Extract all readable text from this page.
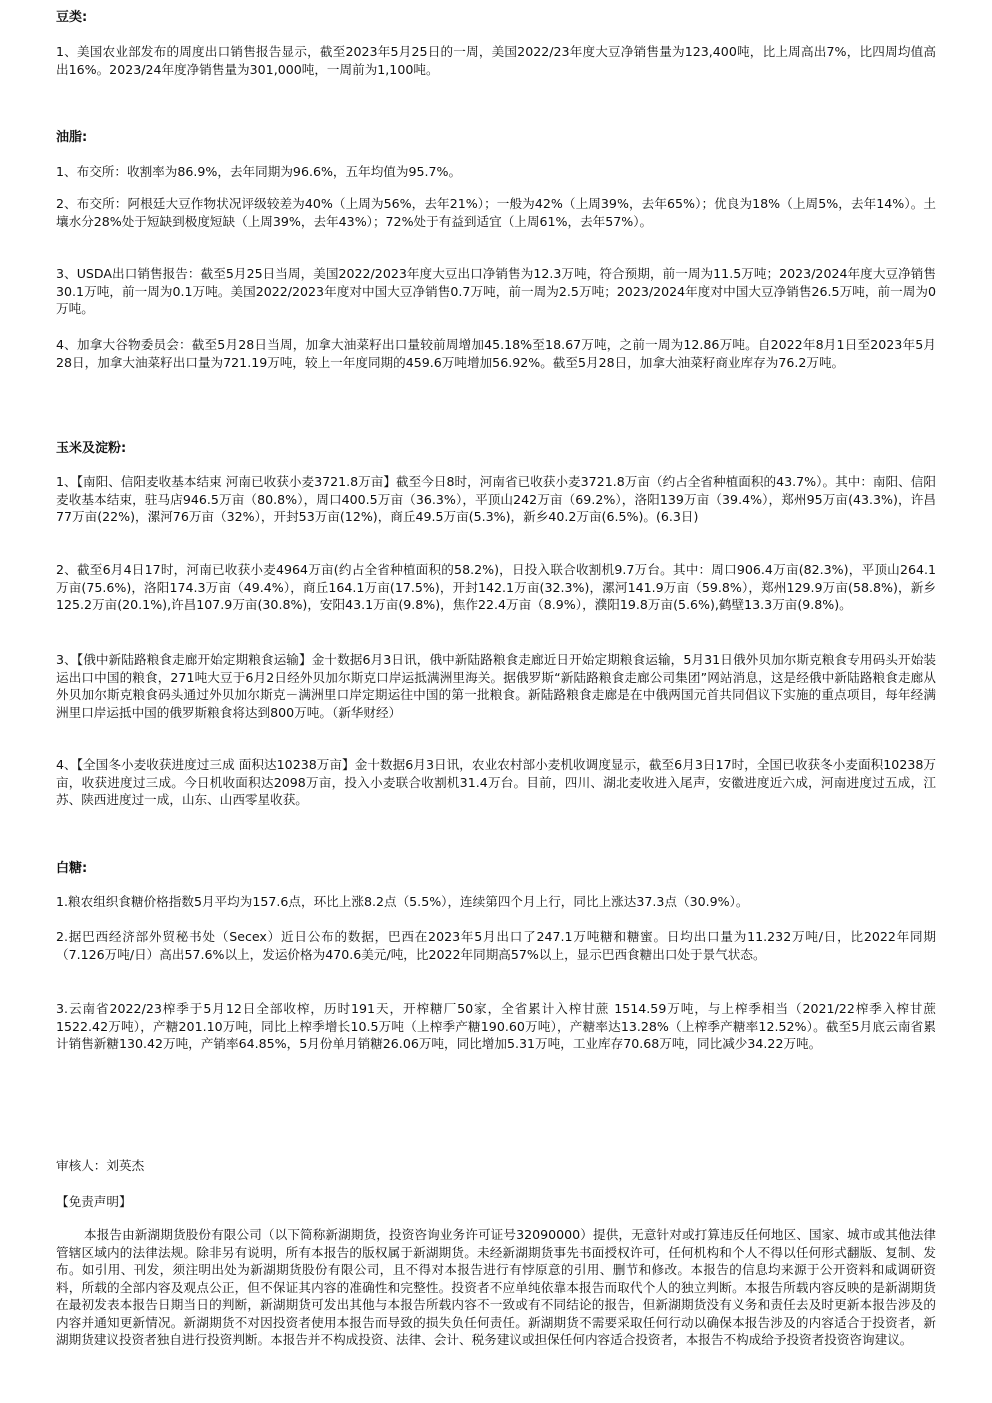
豆类:

1、美国农业部发布的周度出口销售报告显示，截至2023年5月25日的一周，美国2022/23年度大豆净销售量为123,400吨，比上周高出7%，比四周均值高出16%。2023/24年度净销售量为301,000吨，一周前为1,100吨。

油脂:

1、布交所：收割率为86.9%，去年同期为96.6%，五年均值为95.7%。

2、布交所：阿根廷大豆作物状况评级较差为40%（上周为56%，去年21%）；一般为42%（上周39%，去年65%）；优良为18%（上周5%，去年14%）。土壤水分28%处于短缺到极度短缺（上周39%，去年43%）；72%处于有益到适宜（上周61%，去年57%）。

3、USDA出口销售报告：截至5月25日当周，美国2022/2023年度大豆出口净销售为12.3万吨，符合预期，前一周为11.5万吨；2023/2024年度大豆净销售30.1万吨，前一周为0.1万吨。美国2022/2023年度对中国大豆净销售0.7万吨，前一周为2.5万吨；2023/2024年度对中国大豆净销售26.5万吨，前一周为0万吨。

4、加拿大谷物委员会：截至5月28日当周，加拿大油菜籽出口量较前周增加45.18%至18.67万吨，之前一周为12.86万吨。自2022年8月1日至2023年5月28日，加拿大油菜籽出口量为721.19万吨，较上一年度同期的459.6万吨增加56.92%。截至5月28日，加拿大油菜籽商业库存为76.2万吨。

玉米及淀粉:

1、【南阳、信阳麦收基本结束 河南已收获小麦3721.8万亩】截至今日8时，河南省已收获小麦3721.8万亩（约占全省种植面积的43.7%）。其中：南阳、信阳麦收基本结束，驻马店946.5万亩（80.8%），周口400.5万亩（36.3%），平顶山242万亩（69.2%），洛阳139万亩（39.4%），郑州95万亩(43.3%)，许昌77万亩(22%)，漯河76万亩（32%），开封53万亩(12%)，商丘49.5万亩(5.3%)，新乡40.2万亩(6.5%)。(6.3日)

2、截至6月4日17时，河南已收获小麦4964万亩(约占全省种植面积的58.2%)，日投入联合收割机9.7万台。其中：周口906.4万亩(82.3%)，平顶山264.1万亩(75.6%)，洛阳174.3万亩（49.4%），商丘164.1万亩(17.5%)，开封142.1万亩(32.3%)，漯河141.9万亩（59.8%），郑州129.9万亩(58.8%)，新乡125.2万亩(20.1%),许昌107.9万亩(30.8%)，安阳43.1万亩(9.8%)，焦作22.4万亩（8.9%），濮阳19.8万亩(5.6%),鹤壁13.3万亩(9.8%)。

3、【俄中新陆路粮食走廊开始定期粮食运输】金十数据6月3日讯，俄中新陆路粮食走廊近日开始定期粮食运输，5月31日俄外贝加尔斯克粮食专用码头开始装运出口中国的粮食，271吨大豆于6月2日经外贝加尔斯克口岸运抵满洲里海关。据俄罗斯“新陆路粮食走廊公司集团”网站消息，这是经俄中新陆路粮食走廊从外贝加尔斯克粮食码头通过外贝加尔斯克－满洲里口岸定期运往中国的第一批粮食。新陆路粮食走廊是在中俄两国元首共同倡议下实施的重点项目，每年经满洲里口岸运抵中国的俄罗斯粮食将达到800万吨。（新华财经）

4、【全国冬小麦收获进度过三成 面积达10238万亩】金十数据6月3日讯，农业农村部小麦机收调度显示，截至6月3日17时，全国已收获冬小麦面积10238万亩，收获进度过三成。今日机收面积达2098万亩，投入小麦联合收割机31.4万台。目前，四川、湖北麦收进入尾声，安徽进度近六成，河南进度过五成，江苏、陕西进度过一成，山东、山西零星收获。

白糖:

1.粮农组织食糖价格指数5月平均为157.6点，环比上涨8.2点（5.5%），连续第四个月上行，同比上涨达37.3点（30.9%）。

2.据巴西经济部外贸秘书处（Secex）近日公布的数据，巴西在2023年5月出口了247.1万吨糖和糖蜜。日均出口量为11.232万吨/日，比2022年同期（7.126万吨/日）高出57.6%以上，发运价格为470.6美元/吨，比2022年同期高57%以上，显示巴西食糖出口处于景气状态。

3.云南省2022/23榨季于5月12日全部收榨，历时191天，开榨糖厂50家，全省累计入榨甘蔗 1514.59万吨，与上榨季相当（2021/22榨季入榨甘蔗1522.42万吨），产糖201.10万吨，同比上榨季增长10.5万吨（上榨季产糖190.60万吨），产糖率达13.28%（上榨季产糖率12.52%）。截至5月底云南省累计销售新糖130.42万吨，产销率64.85%，5月份单月销糖26.06万吨，同比增加5.31万吨，工业库存70.68万吨，同比减少34.22万吨。

审核人：刘英杰

【免责声明】

本报告由新湖期货股份有限公司（以下简称新湖期货，投资咨询业务许可证号32090000）提供，无意针对或打算违反任何地区、国家、城市或其他法律管辖区域内的法律法规。除非另有说明，所有本报告的版权属于新湖期货。未经新湖期货事先书面授权许可，任何机构和个人不得以任何形式翻版、复制、发布。如引用、刊发，须注明出处为新湖期货股份有限公司，且不得对本报告进行有悖原意的引用、删节和修改。本报告的信息均来源于公开资料和咸调研资料，所载的全部内容及观点公正，但不保证其内容的准确性和完整性。投资者不应单纯依靠本报告而取代个人的独立判断。本报告所载内容反映的是新湖期货在最初发表本报告日期当日的判断，新湖期货可发出其他与本报告所载内容不一致或有不同结论的报告，但新湖期货没有义务和责任去及时更新本报告涉及的内容并通知更新情况。新湖期货不对因投资者使用本报告而导致的损失负任何责任。新湖期货不需要采取任何行动以确保本报告涉及的内容适合于投资者，新湖期货建议投资者独自进行投资判断。本报告并不构成投资、法律、会计、税务建议或担保任何内容适合投资者，本报告不构成给予投资者投资咨询建议。
